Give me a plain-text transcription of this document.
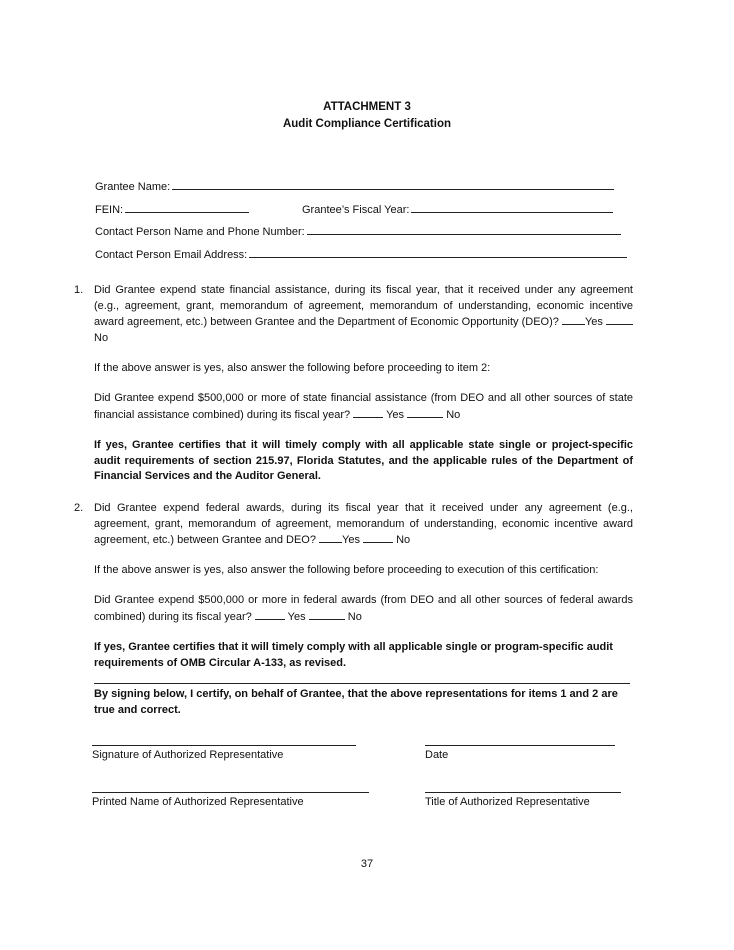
ATTACHMENT 3
Audit Compliance Certification
Grantee Name:
FEIN:	Grantee’s Fiscal Year:
Contact Person Name and Phone Number:
Contact Person Email Address:
1. Did Grantee expend state financial assistance, during its fiscal year, that it received under any agreement (e.g., agreement, grant, memorandum of agreement, memorandum of understanding, economic incentive award agreement, etc.) between Grantee and the Department of Economic Opportunity (DEO)? Yes  No
If the above answer is yes, also answer the following before proceeding to item 2:
Did Grantee expend $500,000 or more of state financial assistance (from DEO and all other sources of state financial assistance combined) during its fiscal year?	Yes	No
If yes, Grantee certifies that it will timely comply with all applicable state single or project-specific audit requirements of section 215.97, Florida Statutes, and the applicable rules of the Department of Financial Services and the Auditor General.
2. Did Grantee expend federal awards, during its fiscal year that it received under any agreement (e.g., agreement, grant, memorandum of agreement, memorandum of understanding, economic incentive award agreement, etc.) between Grantee and DEO? Yes	No
If the above answer is yes, also answer the following before proceeding to execution of this certification:
Did Grantee expend $500,000 or more in federal awards (from DEO and all other sources of federal awards combined) during its fiscal year?	Yes	No
If yes, Grantee certifies that it will timely comply with all applicable single or program-specific audit requirements of OMB Circular A-133, as revised.
By signing below, I certify, on behalf of Grantee, that the above representations for items 1 and 2 are true and correct.
Signature of Authorized Representative	Date
Printed Name of Authorized Representative	Title of Authorized Representative
37
